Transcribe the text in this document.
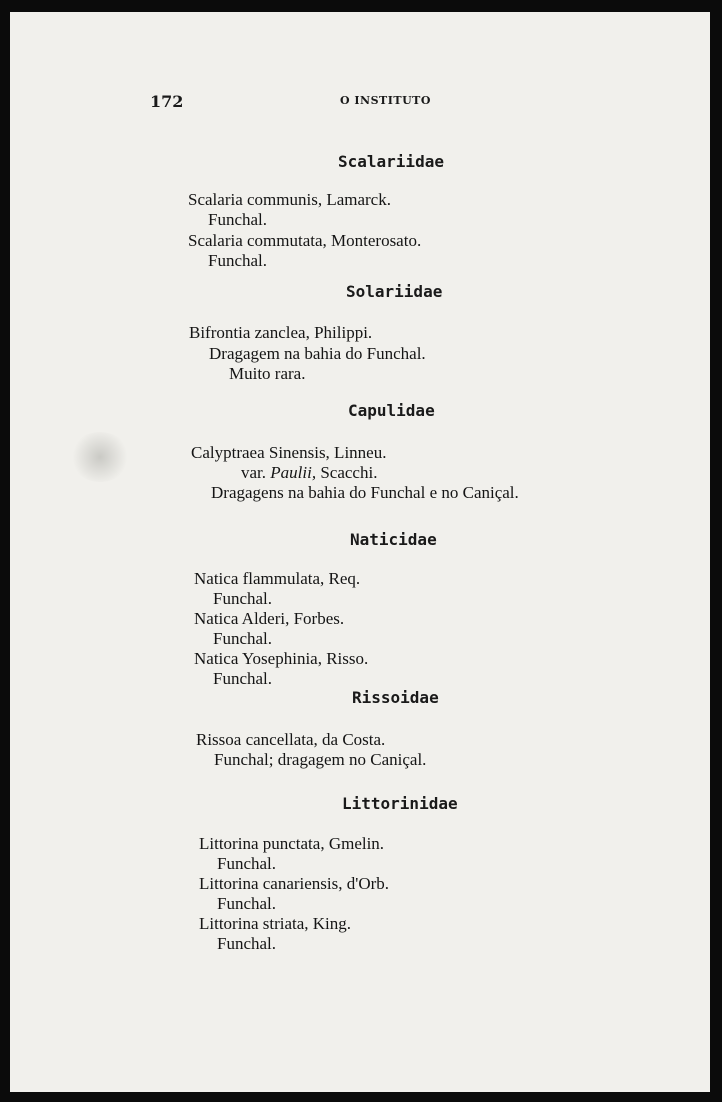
172	O INSTITUTO
Scalariidae
Scalaria communis, Lamarck.
Funchal.
Scalaria commutata, Monterosato.
Funchal.
Solariidae
Bifrontia zanclea, Philippi.
Dragagem na bahia do Funchal.
Muito rara.
Capulidae
Calyptraea Sinensis, Linneu.
var. Paulii, Scacchi.
Dragagens na bahia do Funchal e no Caniçal.
Naticidae
Natica flammulata, Req.
Funchal.
Natica Alderi, Forbes.
Funchal.
Natica Yosephinia, Risso.
Funchal.
Rissoidae
Rissoa cancellata, da Costa.
Funchal; dragagem no Caniçal.
Littorinidae
Littorina punctata, Gmelin.
Funchal.
Littorina canariensis, d'Orb.
Funchal.
Littorina striata, King.
Funchal.
